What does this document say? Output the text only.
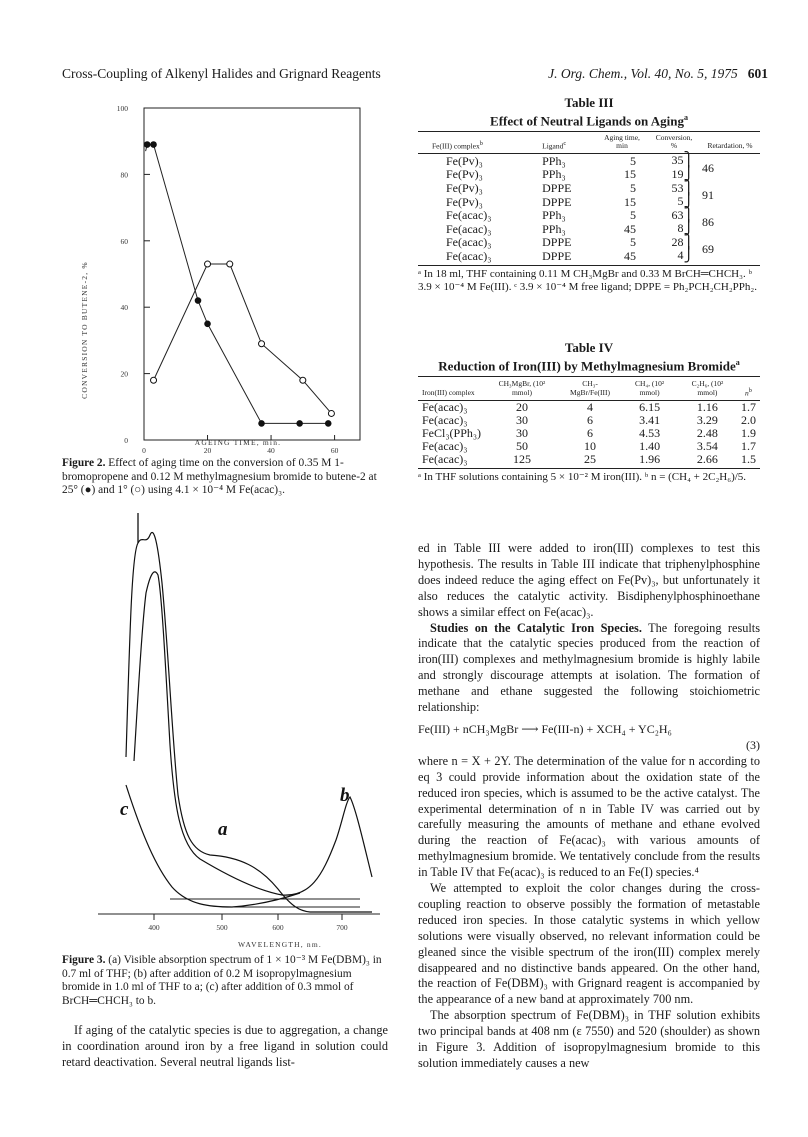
Cross-Coupling of Alkenyl Halides and Grignard Reagents	J. Org. Chem., Vol. 40, No. 5, 1975 601
100
80
60
40
20
0
0	20	40	60
CONVERSION TO BUTENE-2, %
AGEING TIME, min.
Figure 2. Effect of aging time on the conversion of 0.35 M 1-bromopropene and 0.12 M methylmagnesium bromide to butene-2 at 25° (●) and 1° (○) using 4.1 × 10⁻⁴ M Fe(acac)₃.
400	500	600	700
a
b
c
WAVELENGTH, nm.
Figure 3. (a) Visible absorption spectrum of 1 × 10⁻³ M Fe(DBM)₃ in 0.7 ml of THF; (b) after addition of 0.2 M isopropylmagnesium bromide in 1.0 ml of THF to a; (c) after addition of 0.3 mmol of BrCH═CHCH₃ to b.

If aging of the catalytic species is due to aggregation, a change in coordination around iron by a free ligand in solution could retard deactivation. Several neutral ligands list-

Table III
Effect of Neutral Ligands on Aging$^a$
Fe(III) complex$^b$	Ligand$^c$	Aging time, min	Conversion, %	Retardation, %
Fe(Pv)₃	PPh₃	5	35⎫	46
Fe(Pv)₃	PPh₃	15	19⎭	
Fe(Pv)₃	DPPE	5	53⎫	91
Fe(Pv)₃	DPPE	15	5⎭	
Fe(acac)₃	PPh₃	5	63⎫	86
Fe(acac)₃	PPh₃	45	8⎭	
Fe(acac)₃	DPPE	5	28⎫	69
Fe(acac)₃	DPPE	45	4⎭	
ᵃ In 18 ml, THF containing 0.11 M CH₃MgBr and 0.33 M BrCH═CHCH₃. ᵇ 3.9 × 10⁻⁴ M Fe(III). ᶜ 3.9 × 10⁻⁴ M free ligand; DPPE = Ph₂PCH₂CH₂PPh₂.
Table IV
Reduction of Iron(III) by Methylmagnesium Bromide$^a$
Iron(III) complex	CH₃MgBr, (10² mmol)	CH₃-MgBr/Fe(III)	CH₄, (10² mmol)	C₂H₆, (10² mmol)	$n^b$
Fe(acac)₃	20	4	6.15	1.16	1.7
Fe(acac)₃	30	6	3.41	3.29	2.0
FeCl₃(PPh₃)	30	6	4.53	2.48	1.9
Fe(acac)₃	50	10	1.40	3.54	1.7
Fe(acac)₃	125	25	1.96	2.66	1.5
ᵃ In THF solutions containing 5 × 10⁻² M iron(III). ᵇ n = (CH₄ + 2C₂H₆)/5.

ed in Table III were added to iron(III) complexes to test this hypothesis. The results in Table III indicate that triphenylphosphine does indeed reduce the aging effect on Fe(Pv)₃, but unfortunately it also reduces the catalytic activity. Bisdiphenylphosphinoethane shows a similar effect on Fe(acac)₃.

Studies on the Catalytic Iron Species. The foregoing results indicate that the catalytic species produced from the reaction of iron(III) complexes and methylmagnesium bromide is highly labile and strongly discourage attempts at isolation. The formation of methane and ethane suggested the following stoichiometric relationship:

Fe(III) + nCH₃MgBr ⟶ Fe(III-n) + XCH₄ + YC₂H₆
(3)

where n = X + 2Y. The determination of the value for n according to eq 3 could provide information about the oxidation state of the reduced iron species, which is assumed to be the active catalyst. The experimental determination of n in Table IV was carried out by carefully measuring the amounts of methane and ethane evolved during the reaction of Fe(acac)₃ with various amounts of methylmagnesium bromide. We tentatively conclude from the results in Table IV that Fe(acac)₃ is reduced to an Fe(I) species.⁴

We attempted to exploit the color changes during the cross-coupling reaction to observe possibly the formation of metastable reduced iron species. In those catalytic systems in which yellow solutions were visually observed, no relevant information could be gleaned since the visible spectrum of the iron(III) complex merely disappeared and no distinctive bands appeared. On the other hand, the reaction of Fe(DBM)₃ with Grignard reagent is accompanied by the appearance of a new band at approximately 700 nm.

The absorption spectrum of Fe(DBM)₃ in THF solution exhibits two principal bands at 408 nm (ε 7550) and 520 (shoulder) as shown in Figure 3. Addition of isopropylmagnesium bromide to this solution immediately causes a new
